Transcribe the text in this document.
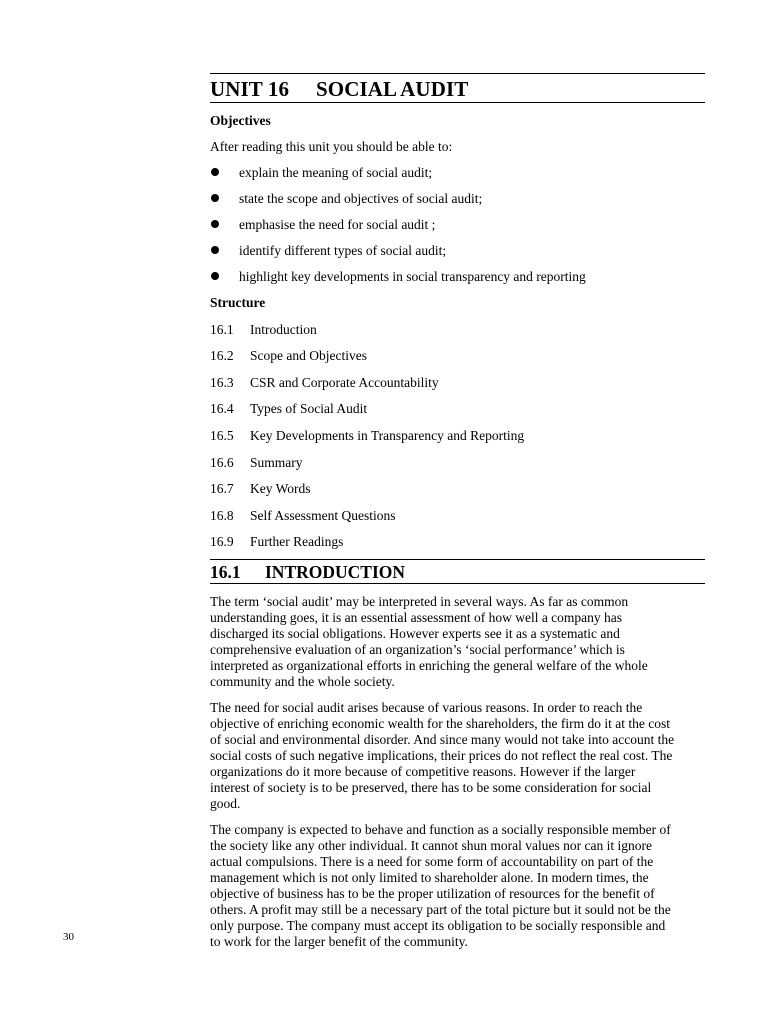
UNIT 16 SOCIAL AUDIT
Objectives
After reading this unit you should be able to:
explain the meaning of social audit;
state the scope and objectives of social audit;
emphasise the need for social audit ;
identify different types of social audit;
highlight key developments in social transparency and reporting
Structure
16.1 Introduction
16.2 Scope and Objectives
16.3 CSR and Corporate Accountability
16.4 Types of Social Audit
16.5 Key Developments in Transparency and Reporting
16.6 Summary
16.7 Key Words
16.8 Self Assessment Questions
16.9 Further Readings
16.1 INTRODUCTION
The term ‘social audit’ may be interpreted in several ways. As far as common
understanding goes, it is an essential assessment of how well a company has
discharged its social obligations. However experts see it as a systematic and
comprehensive evaluation of an organization’s ‘social performance’ which is
interpreted as organizational efforts in enriching the general welfare of the whole
community and the whole society.
The need for social audit arises because of various reasons. In order to reach the
objective of enriching economic wealth for the shareholders, the firm do it at the cost
of social and environmental disorder. And since many would not take into account the
social costs of such negative implications, their prices do not reflect the real cost. The
organizations do it more because of competitive reasons. However if the larger
interest of society is to be preserved, there has to be some consideration for social
good.
The company is expected to behave and function as a socially responsible member of
the society like any other individual. It cannot shun moral values nor can it ignore
actual compulsions. There is a need for some form of accountability on part of the
management which is not only limited to shareholder alone. In modern times, the
objective of business has to be the proper utilization of resources for the benefit of
others. A profit may still be a necessary part of the total picture but it sould not be the
only purpose. The company must accept its obligation to be socially responsible and
to work for the larger benefit of the community.
30
